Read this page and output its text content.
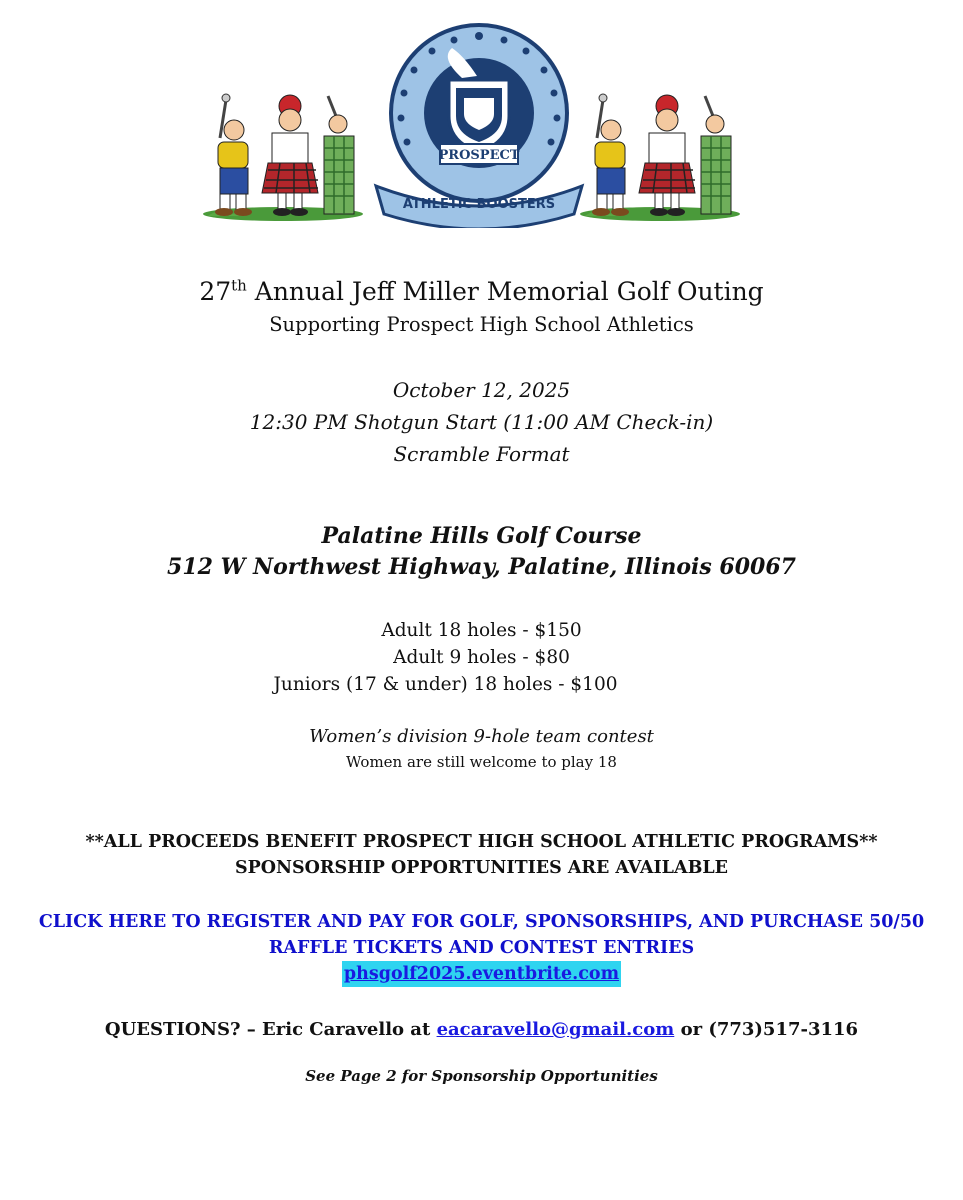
PROSPECT
ATHLETIC BOOSTERS
27th Annual Jeff Miller Memorial Golf Outing
Supporting Prospect High School Athletics
October 12, 2025
12:30 PM Shotgun Start (11:00 AM Check-in)
Scramble Format
Palatine Hills Golf Course
512 W Northwest Highway, Palatine, Illinois 60067
Adult 18 holes - $150
Adult 9 holes - $80
Juniors (17 & under) 18 holes - $100
Women’s division 9-hole team contest
Women are still welcome to play 18
**ALL PROCEEDS BENEFIT PROSPECT HIGH SCHOOL ATHLETIC PROGRAMS**
SPONSORSHIP OPPORTUNITIES ARE AVAILABLE
CLICK HERE TO REGISTER AND PAY FOR GOLF, SPONSORSHIPS, AND PURCHASE 50/50
RAFFLE TICKETS AND CONTEST ENTRIES
phsgolf2025.eventbrite.com
QUESTIONS? – Eric Caravello at eacaravello@gmail.com or (773)517-3116
See Page 2 for Sponsorship Opportunities
